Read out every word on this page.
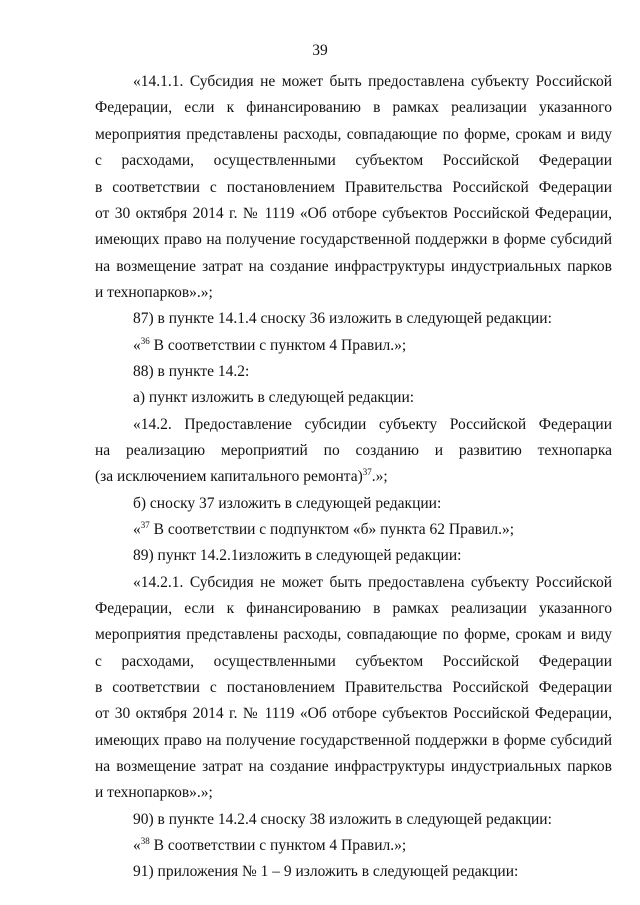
39
«14.1.1. Субсидия не может быть предоставлена субъекту Российской
Федерации, если к финансированию в рамках реализации указанного
мероприятия представлены расходы, совпадающие по форме, срокам и виду
с расходами, осуществленными субъектом Российской Федерации
в соответствии с постановлением Правительства Российской Федерации
от 30 октября 2014 г. № 1119 «Об отборе субъектов Российской Федерации,
имеющих право на получение государственной поддержки в форме субсидий
на возмещение затрат на создание инфраструктуры индустриальных парков
и технопарков».»;
87) в пункте 14.1.4 сноску 36 изложить в следующей редакции:
«$^{36}$ В соответствии с пунктом 4 Правил.»;
88) в пункте 14.2:
а) пункт изложить в следующей редакции:
«14.2. Предоставление субсидии субъекту Российской Федерации
на реализацию мероприятий по созданию и развитию технопарка
(за исключением капитального ремонта)$^{37}$.»;
б) сноску 37 изложить в следующей редакции:
«$^{37}$ В соответствии с подпунктом «б» пункта 62 Правил.»;
89) пункт 14.2.1изложить в следующей редакции:
«14.2.1. Субсидия не может быть предоставлена субъекту Российской
Федерации, если к финансированию в рамках реализации указанного
мероприятия представлены расходы, совпадающие по форме, срокам и виду
с расходами, осуществленными субъектом Российской Федерации
в соответствии с постановлением Правительства Российской Федерации
от 30 октября 2014 г. № 1119 «Об отборе субъектов Российской Федерации,
имеющих право на получение государственной поддержки в форме субсидий
на возмещение затрат на создание инфраструктуры индустриальных парков
и технопарков».»;
90) в пункте 14.2.4 сноску 38 изложить в следующей редакции:
«$^{38}$ В соответствии с пунктом 4 Правил.»;
91) приложения № 1 – 9 изложить в следующей редакции:
